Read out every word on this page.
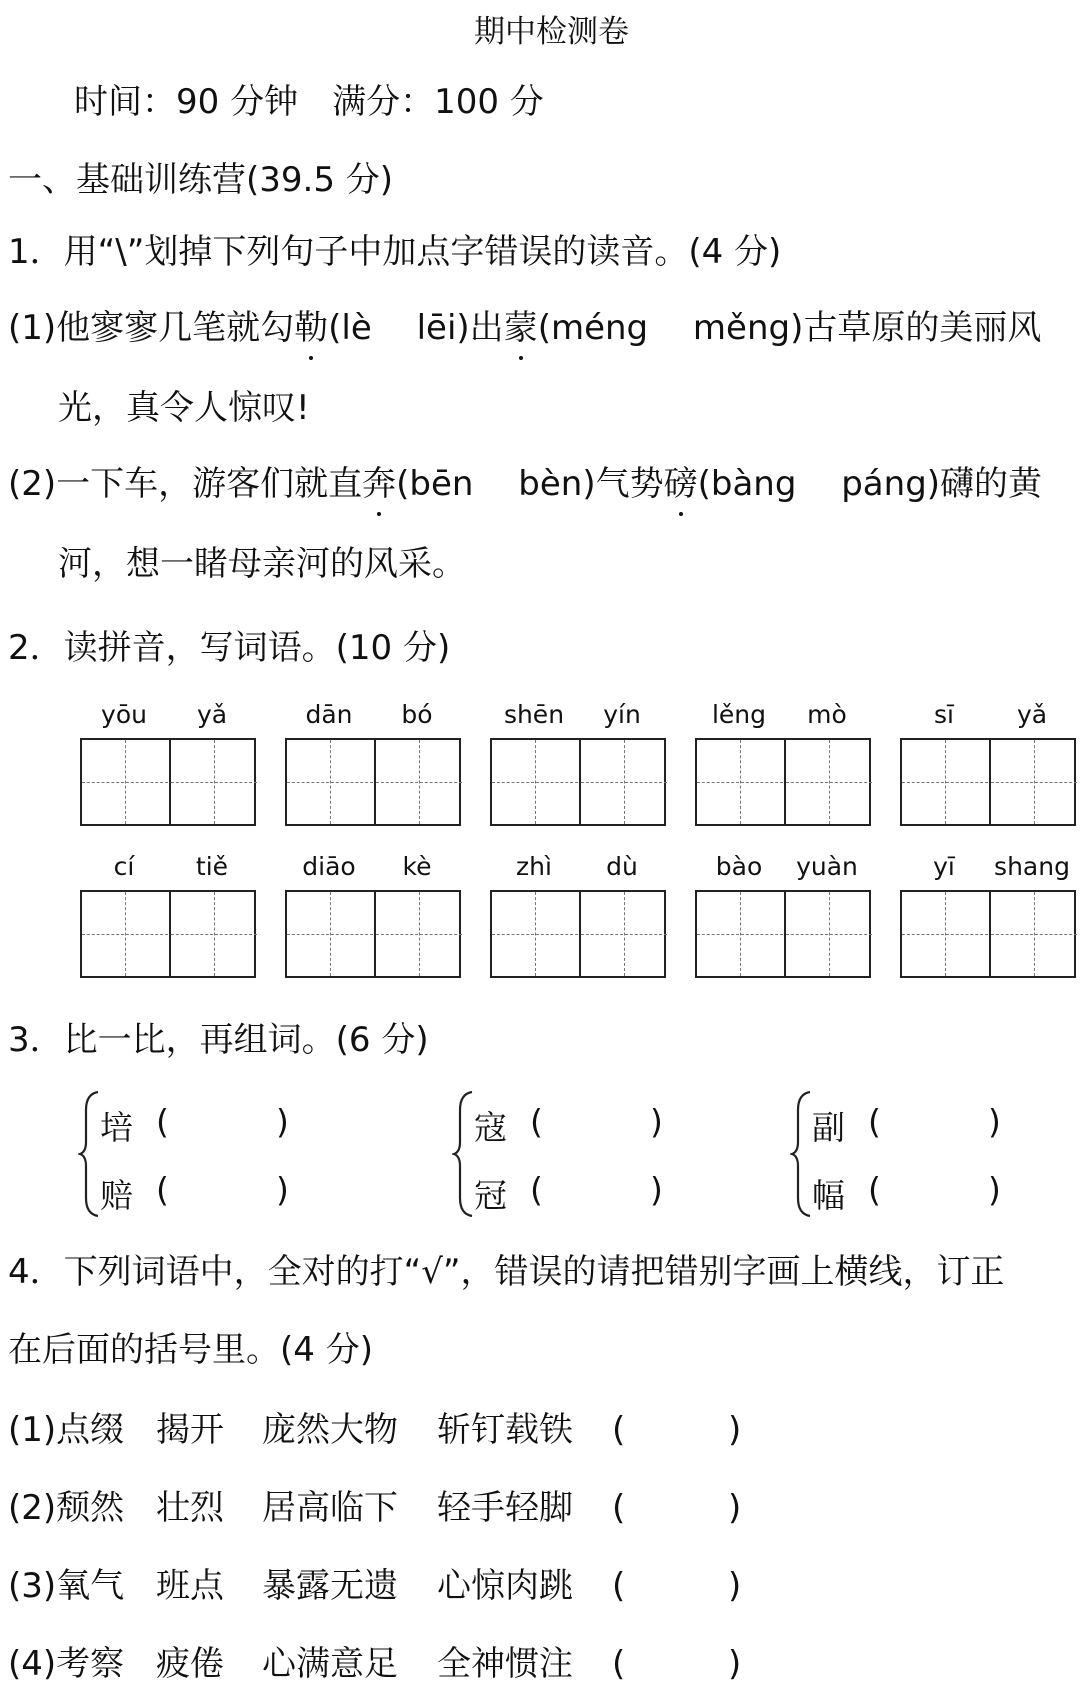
期中检测卷
时间：90 分钟　满分：100 分
一、基础训练营(39.5 分)
1．用“\”划掉下列句子中加点字错误的读音。(4 分)
(1)他寥寥几笔就勾勒(lè　 lēi)出蒙(méng　 měng)古草原的美丽风
光，真令人惊叹!
(2)一下车，游客们就直奔(bēn　 bèn)气势磅(bàng　 páng)礴的黄
河，想一睹母亲河的风采。
2．读拼音，写词语。(10 分)
yōu	yǎ	dān	bó	shēn	yín	lěng	mò	sī	yǎ
cí	tiě	diāo	kè	zhì	dù	bào	yuàn	yī	shang
3．比一比，再组词。(6 分)
培 (	)
赔 (	)
寇 (	)
冠 (	)
副 (	)
幅 (	)
4．下列词语中，全对的打“√”，错误的请把错别字画上横线，订正
在后面的括号里。(4 分)
(1)点缀 揭开 庞然大物 斩钉载铁 (	)
(2)颓然 壮烈 居高临下 轻手轻脚 (	)
(3)氧气 班点 暴露无遗 心惊肉跳 (	)
(4)考察 疲倦 心满意足 全神惯注 (	)
